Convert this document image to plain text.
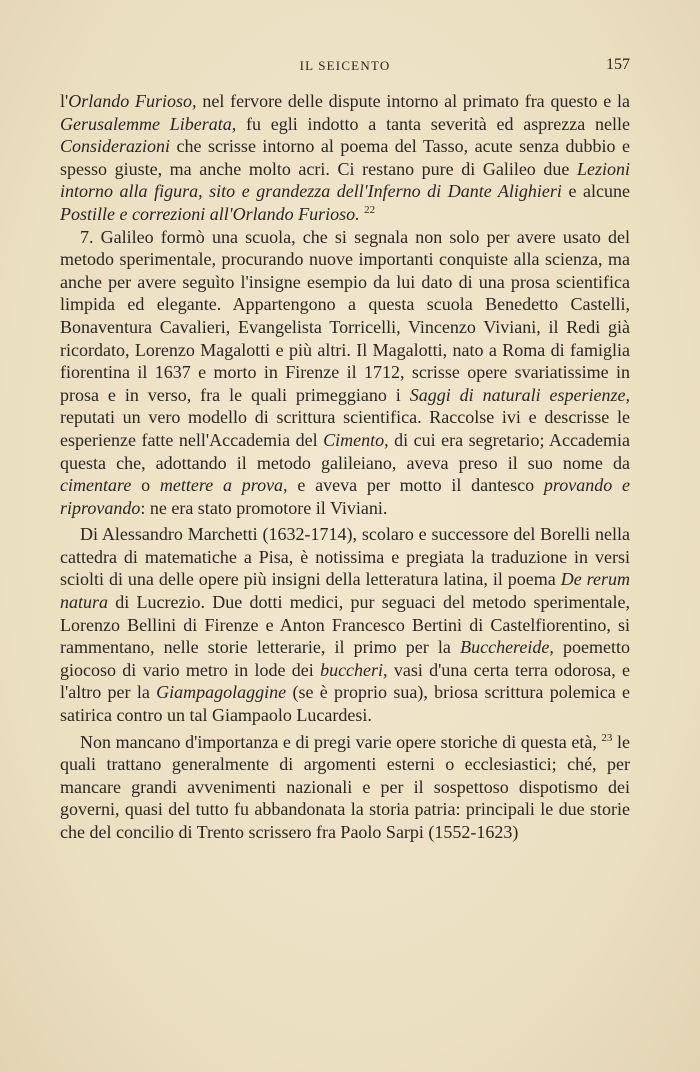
IL SEICENTO	157

l'Orlando Furioso, nel fervore delle dispute intorno al primato fra questo e la Gerusalemme Liberata, fu egli indotto a tanta severità ed asprezza nelle Considerazioni che scrisse intorno al poema del Tasso, acute senza dubbio e spesso giuste, ma anche molto acri. Ci restano pure di Galileo due Lezioni intorno alla figura, sito e grandezza dell'Inferno di Dante Alighieri e alcune Postille e correzioni all'Orlando Furioso. $^{22}$

7. Galileo formò una scuola, che si segnala non solo per avere usato del metodo sperimentale, procurando nuove importanti conquiste alla scienza, ma anche per avere seguìto l'insigne esempio da lui dato di una prosa scientifica limpida ed elegante. Appartengono a questa scuola Benedetto Castelli, Bonaventura Cavalieri, Evangelista Torricelli, Vincenzo Viviani, il Redi già ricordato, Lorenzo Magalotti e più altri. Il Magalotti, nato a Roma di famiglia fiorentina il 1637 e morto in Firenze il 1712, scrisse opere svariatissime in prosa e in verso, fra le quali primeggiano i Saggi di naturali esperienze, reputati un vero modello di scrittura scientifica. Raccolse ivi e descrisse le esperienze fatte nell'Accademia del Cimento, di cui era segretario; Accademia questa che, adottando il metodo galileiano, aveva preso il suo nome da cimentare o mettere a prova, e aveva per motto il dantesco provando e riprovando: ne era stato promotore il Viviani.

Di Alessandro Marchetti (1632-1714), scolaro e successore del Borelli nella cattedra di matematiche a Pisa, è notissima e pregiata la traduzione in versi sciolti di una delle opere più insigni della letteratura latina, il poema De rerum natura di Lucrezio. Due dotti medici, pur seguaci del metodo sperimentale, Lorenzo Bellini di Firenze e Anton Francesco Bertini di Castelfiorentino, si rammentano, nelle storie letterarie, il primo per la Bucchereide, poemetto giocoso di vario metro in lode dei buccheri, vasi d'una certa terra odorosa, e l'altro per la Giampagolaggine (se è proprio sua), briosa scrittura polemica e satirica contro un tal Giampaolo Lucardesi.

Non mancano d'importanza e di pregi varie opere storiche di questa età, $^{23}$ le quali trattano generalmente di argomenti esterni o ecclesiastici; ché, per mancare grandi avvenimenti nazionali e per il sospettoso dispotismo dei governi, quasi del tutto fu abbandonata la storia patria: principali le due storie che del concilio di Trento scrissero fra Paolo Sarpi (1552-1623)
